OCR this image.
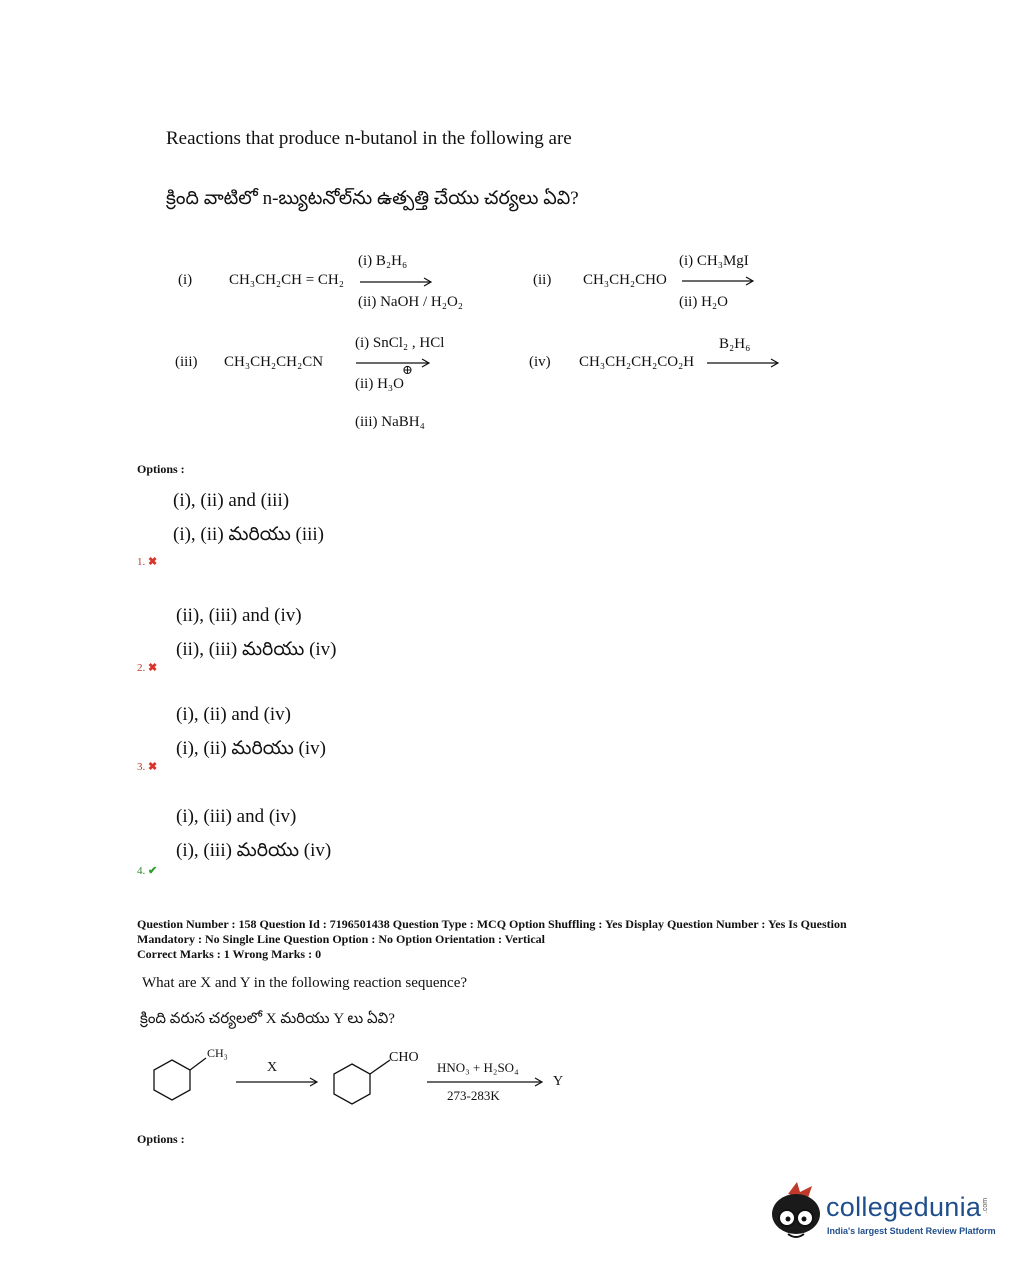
Reactions that produce n-butanol in the following are
క్రింది వాటిలో n-బ్యుటనోల్‌ను ఉత్పత్తి చేయు చర్యలు ఏవి?
(i) CH₃CH₂CH = CH₂
(i) B₂H₆
(ii) NaOH / H₂O₂
(ii) CH₃CH₂CHO
(i) CH₃MgI
(ii) H₂O
(iii) CH₃CH₂CH₂CN
(i) SnCl₂ , HCl
(ii) H₃O
⊕
(iii) NaBH₄
(iv) CH₃CH₂CH₂CO₂H
B₂H₆
Options :
(i), (ii) and (iii)
(i), (ii) మరియు (iii)
1. ✖
(ii), (iii) and (iv)
(ii), (iii) మరియు (iv)
2. ✖
(i), (ii) and (iv)
(i), (ii) మరియు (iv)
3. ✖
(i), (iii) and (iv)
(i), (iii) మరియు (iv)
4. ✔
Question Number : 158 Question Id : 7196501438 Question Type : MCQ Option Shuffling : Yes Display Question Number : Yes Is Question
Mandatory : No Single Line Question Option : No Option Orientation : Vertical
Correct Marks : 1 Wrong Marks : 0
What are X and Y in the following reaction sequence?
క్రింది వరుస చర్యలలో X మరియు Y లు ఏవి?
CH₃
X
CHO
HNO₃ + H₂SO₄
273-283K
Y
Options :
collegedunia .com
India's largest Student Review Platform
